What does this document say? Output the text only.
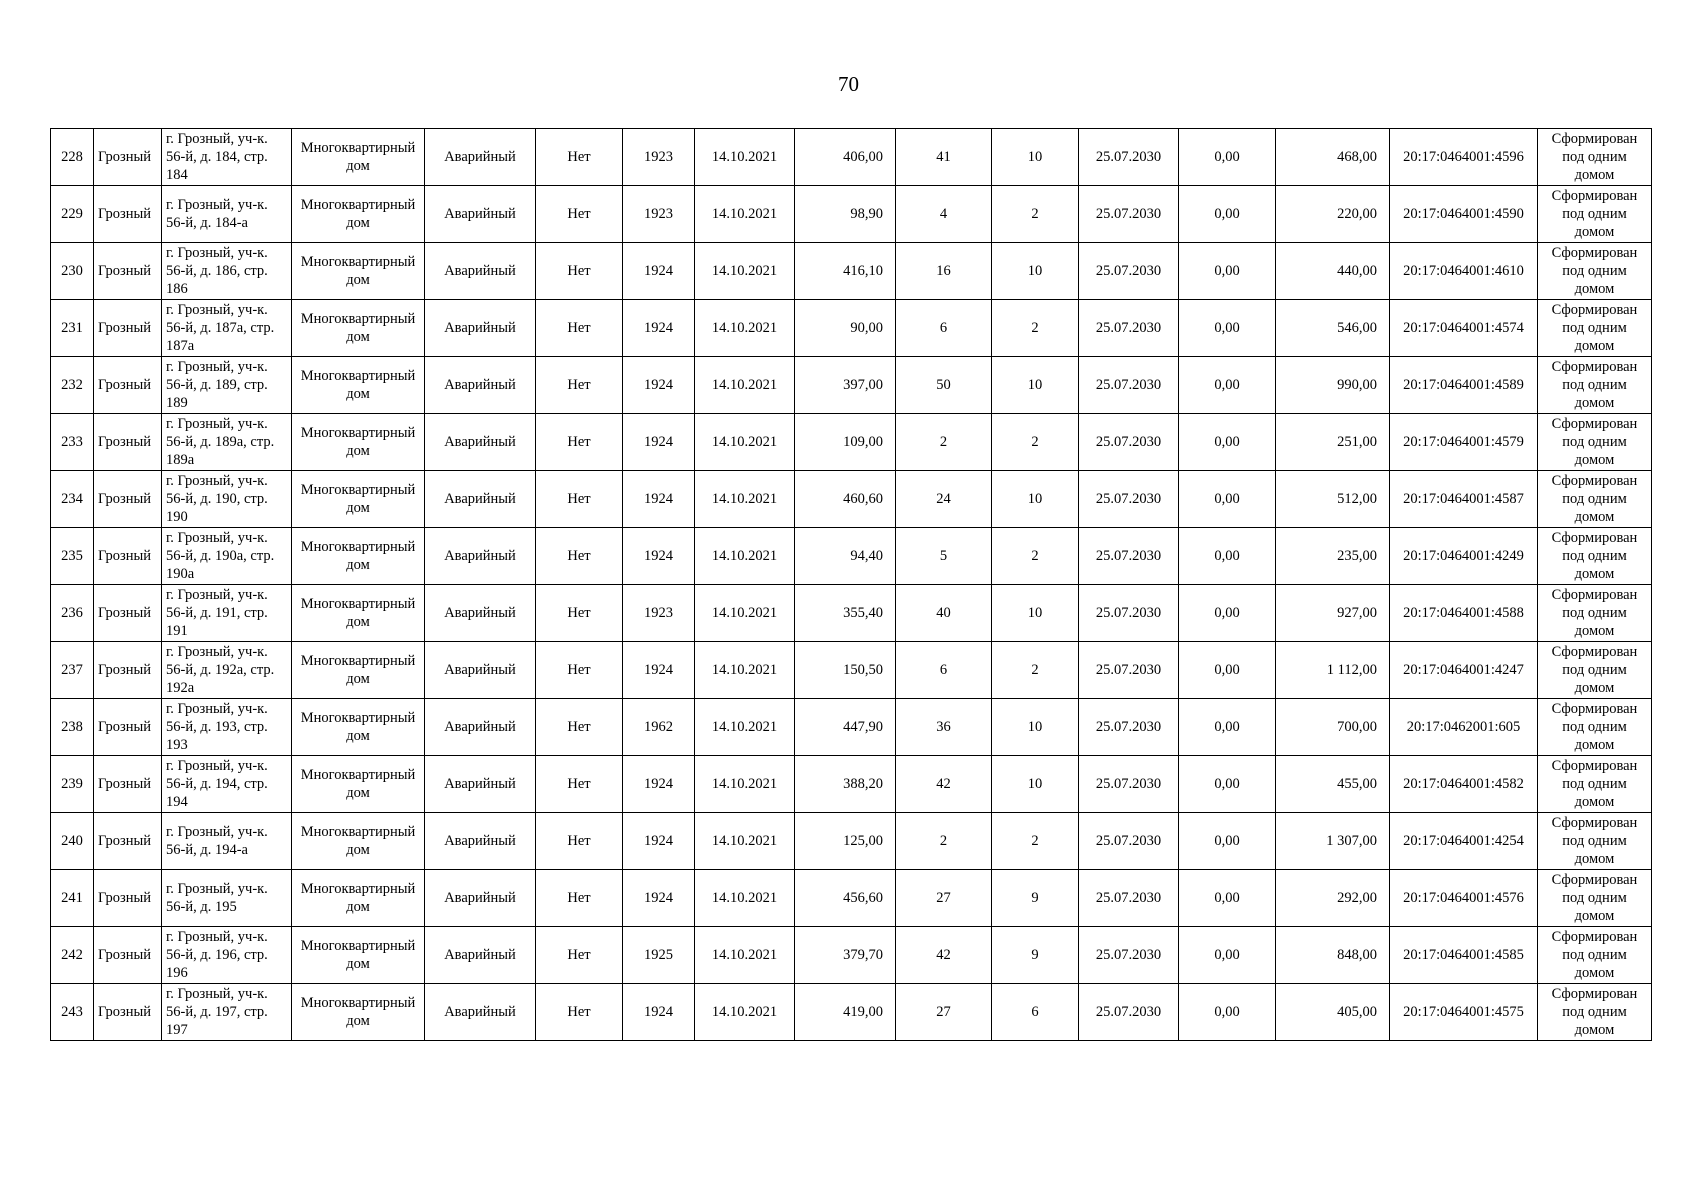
70
228	Грозный	г. Грозный, уч-к. 56-й, д. 184, стр. 184	Многоквартирный дом	Аварийный	Нет	1923	14.10.2021	406,00	41	10	25.07.2030	0,00	468,00	20:17:0464001:4596	Сформирован под одним домом
229	Грозный	г. Грозный, уч-к. 56-й, д. 184-а	Многоквартирный дом	Аварийный	Нет	1923	14.10.2021	98,90	4	2	25.07.2030	0,00	220,00	20:17:0464001:4590	Сформирован под одним домом
230	Грозный	г. Грозный, уч-к. 56-й, д. 186, стр. 186	Многоквартирный дом	Аварийный	Нет	1924	14.10.2021	416,10	16	10	25.07.2030	0,00	440,00	20:17:0464001:4610	Сформирован под одним домом
231	Грозный	г. Грозный, уч-к. 56-й, д. 187а, стр. 187а	Многоквартирный дом	Аварийный	Нет	1924	14.10.2021	90,00	6	2	25.07.2030	0,00	546,00	20:17:0464001:4574	Сформирован под одним домом
232	Грозный	г. Грозный, уч-к. 56-й, д. 189, стр. 189	Многоквартирный дом	Аварийный	Нет	1924	14.10.2021	397,00	50	10	25.07.2030	0,00	990,00	20:17:0464001:4589	Сформирован под одним домом
233	Грозный	г. Грозный, уч-к. 56-й, д. 189а, стр. 189а	Многоквартирный дом	Аварийный	Нет	1924	14.10.2021	109,00	2	2	25.07.2030	0,00	251,00	20:17:0464001:4579	Сформирован под одним домом
234	Грозный	г. Грозный, уч-к. 56-й, д. 190, стр. 190	Многоквартирный дом	Аварийный	Нет	1924	14.10.2021	460,60	24	10	25.07.2030	0,00	512,00	20:17:0464001:4587	Сформирован под одним домом
235	Грозный	г. Грозный, уч-к. 56-й, д. 190а, стр. 190а	Многоквартирный дом	Аварийный	Нет	1924	14.10.2021	94,40	5	2	25.07.2030	0,00	235,00	20:17:0464001:4249	Сформирован под одним домом
236	Грозный	г. Грозный, уч-к. 56-й, д. 191, стр. 191	Многоквартирный дом	Аварийный	Нет	1923	14.10.2021	355,40	40	10	25.07.2030	0,00	927,00	20:17:0464001:4588	Сформирован под одним домом
237	Грозный	г. Грозный, уч-к. 56-й, д. 192а, стр. 192а	Многоквартирный дом	Аварийный	Нет	1924	14.10.2021	150,50	6	2	25.07.2030	0,00	1 112,00	20:17:0464001:4247	Сформирован под одним домом
238	Грозный	г. Грозный, уч-к. 56-й, д. 193, стр. 193	Многоквартирный дом	Аварийный	Нет	1962	14.10.2021	447,90	36	10	25.07.2030	0,00	700,00	20:17:0462001:605	Сформирован под одним домом
239	Грозный	г. Грозный, уч-к. 56-й, д. 194, стр. 194	Многоквартирный дом	Аварийный	Нет	1924	14.10.2021	388,20	42	10	25.07.2030	0,00	455,00	20:17:0464001:4582	Сформирован под одним домом
240	Грозный	г. Грозный, уч-к. 56-й, д. 194-а	Многоквартирный дом	Аварийный	Нет	1924	14.10.2021	125,00	2	2	25.07.2030	0,00	1 307,00	20:17:0464001:4254	Сформирован под одним домом
241	Грозный	г. Грозный, уч-к. 56-й, д. 195	Многоквартирный дом	Аварийный	Нет	1924	14.10.2021	456,60	27	9	25.07.2030	0,00	292,00	20:17:0464001:4576	Сформирован под одним домом
242	Грозный	г. Грозный, уч-к. 56-й, д. 196, стр. 196	Многоквартирный дом	Аварийный	Нет	1925	14.10.2021	379,70	42	9	25.07.2030	0,00	848,00	20:17:0464001:4585	Сформирован под одним домом
243	Грозный	г. Грозный, уч-к. 56-й, д. 197, стр. 197	Многоквартирный дом	Аварийный	Нет	1924	14.10.2021	419,00	27	6	25.07.2030	0,00	405,00	20:17:0464001:4575	Сформирован под одним домом
